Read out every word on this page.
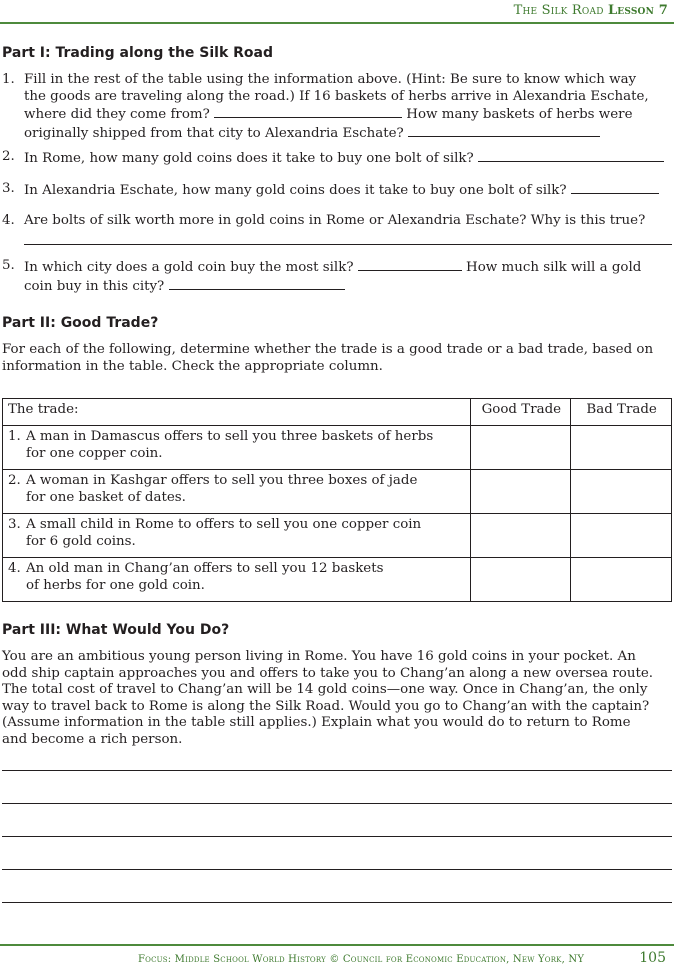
The Silk Road Lesson 7
Part I: Trading along the Silk Road
1. Fill in the rest of the table using the information above. (Hint: Be sure to know which way
the goods are traveling along the road.) If 16 baskets of herbs arrive in Alexandria Eschate,
where did they come from?	How many baskets of herbs were
originally shipped from that city to Alexandria Eschate?
2. In Rome, how many gold coins does it take to buy one bolt of silk?
3. In Alexandria Eschate, how many gold coins does it take to buy one bolt of silk?
4. Are bolts of silk worth more in gold coins in Rome or Alexandria Eschate? Why is this true?
5. In which city does a gold coin buy the most silk?	How much silk will a gold
coin buy in this city?
Part II: Good Trade?
For each of the following, determine whether the trade is a good trade or a bad trade, based on
information in the table. Check the appropriate column.
The trade:	Good Trade	Bad Trade
1. A man in Damascus offers to sell you three baskets of herbs
for one copper coin.		

2. A woman in Kashgar offers to sell you three boxes of jade
for one basket of dates.		

3. A small child in Rome to offers to sell you one copper coin
for 6 gold coins.		

4. An old man in Chang’an offers to sell you 12 baskets
of herbs for one gold coin.		

Part III: What Would You Do?
You are an ambitious young person living in Rome. You have 16 gold coins in your pocket. An
odd ship captain approaches you and offers to take you to Chang’an along a new oversea route.
The total cost of travel to Chang’an will be 14 gold coins—one way. Once in Chang’an, the only
way to travel back to Rome is along the Silk Road. Would you go to Chang’an with the captain?
(Assume information in the table still applies.) Explain what you would do to return to Rome
and become a rich person.
Focus: Middle School World History © Council for Economic Education, New York, NY	105
